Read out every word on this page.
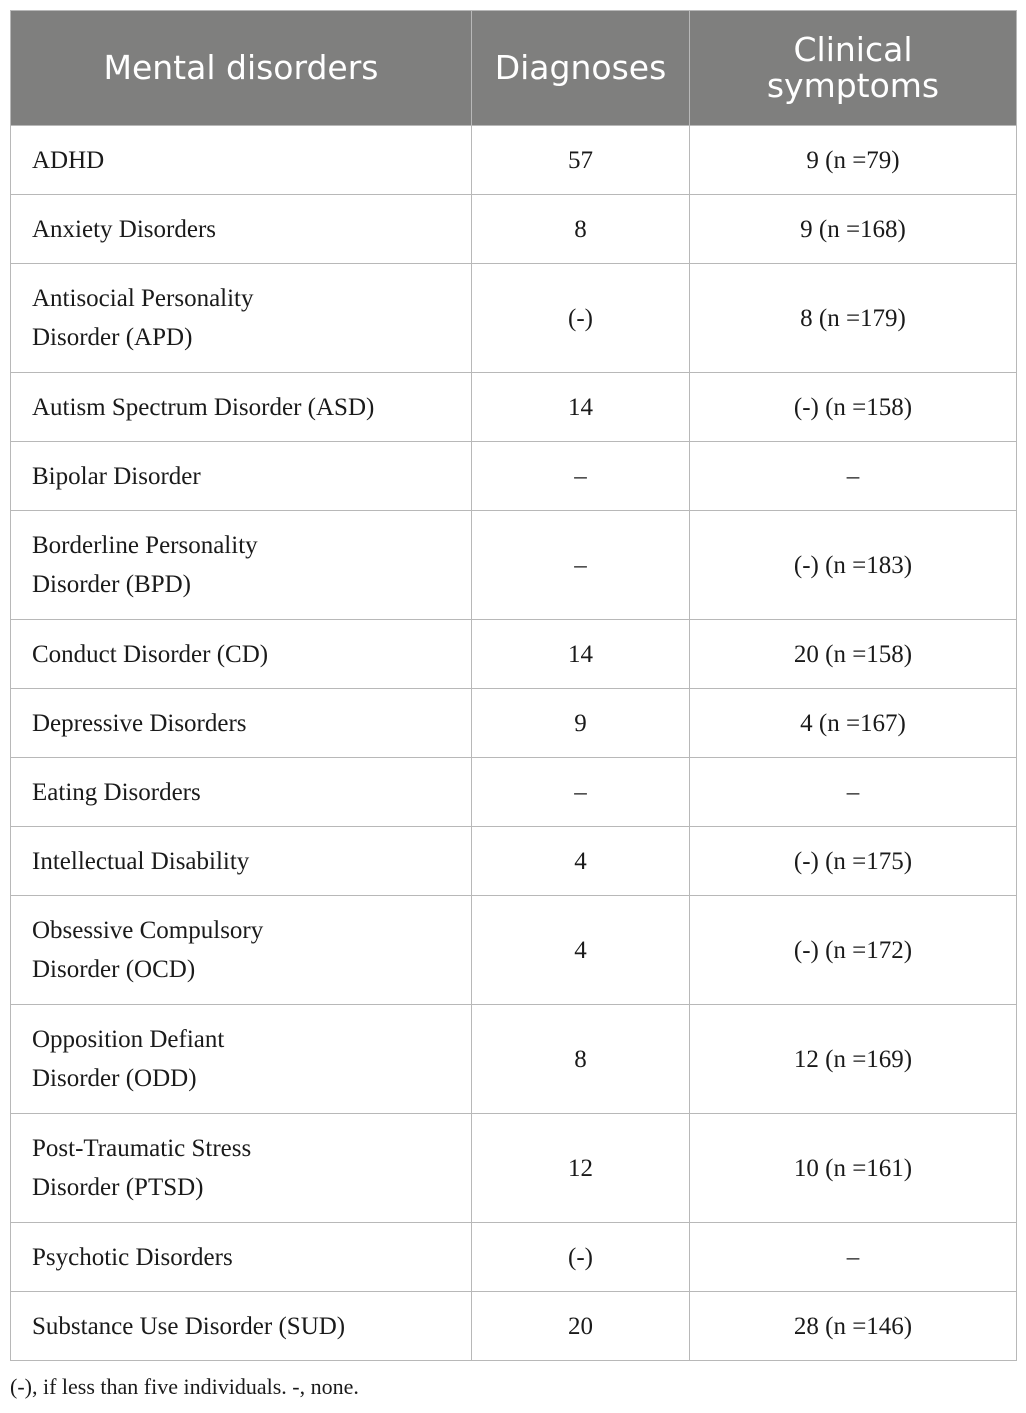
Mental disorders	Diagnoses	Clinical symptoms
ADHD	57	9 (n =79)
Anxiety Disorders	8	9 (n =168)
Antisocial Personality Disorder (APD)	(-)	8 (n =179)
Autism Spectrum Disorder (ASD)	14	(-) (n =158)
Bipolar Disorder	–	–
Borderline Personality Disorder (BPD)	–	(-) (n =183)
Conduct Disorder (CD)	14	20 (n =158)
Depressive Disorders	9	4 (n =167)
Eating Disorders	–	–
Intellectual Disability	4	(-) (n =175)
Obsessive Compulsory Disorder (OCD)	4	(-) (n =172)
Opposition Defiant Disorder (ODD)	8	12 (n =169)
Post-Traumatic Stress Disorder (PTSD)	12	10 (n =161)
Psychotic Disorders	(-)	–
Substance Use Disorder (SUD)	20	28 (n =146)
(-), if less than five individuals. -, none.
